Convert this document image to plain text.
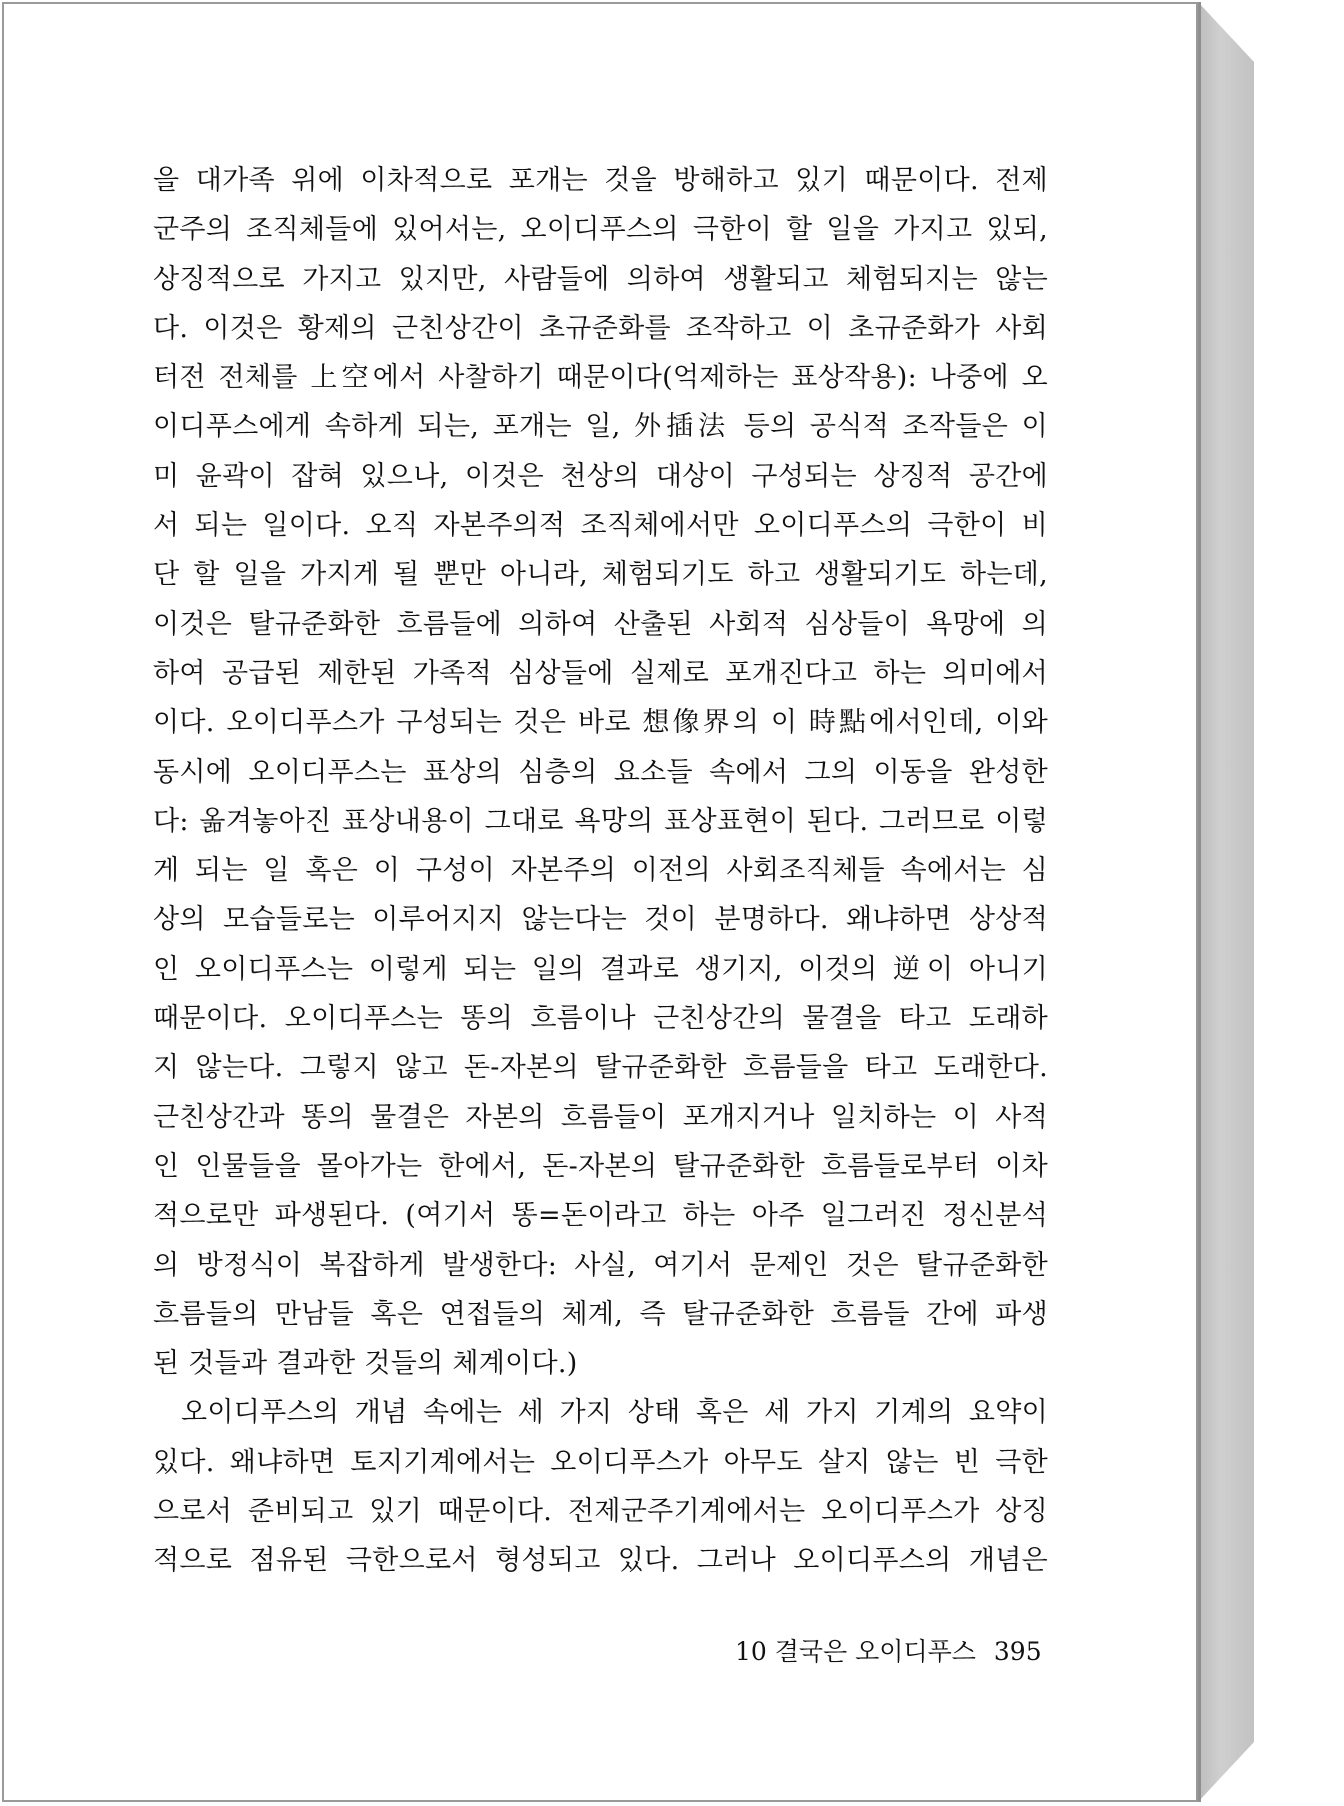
을 대가족 위에 이차적으로 포개는 것을 방해하고 있기 때문이다. 전제

군주의 조직체들에 있어서는, 오이디푸스의 극한이 할 일을 가지고 있되,

상징적으로 가지고 있지만, 사람들에 의하여 생활되고 체험되지는 않는

다. 이것은 황제의 근친상간이 초규준화를 조작하고 이 초규준화가 사회

터전 전체를 上空에서 사찰하기 때문이다(억제하는 표상작용): 나중에 오

이디푸스에게 속하게 되는, 포개는 일, 外插法 등의 공식적 조작들은 이

미 윤곽이 잡혀 있으나, 이것은 천상의 대상이 구성되는 상징적 공간에

서 되는 일이다. 오직 자본주의적 조직체에서만 오이디푸스의 극한이 비

단 할 일을 가지게 될 뿐만 아니라, 체험되기도 하고 생활되기도 하는데,

이것은 탈규준화한 흐름들에 의하여 산출된 사회적 심상들이 욕망에 의

하여 공급된 제한된 가족적 심상들에 실제로 포개진다고 하는 의미에서

이다. 오이디푸스가 구성되는 것은 바로 想像界의 이 時點에서인데, 이와

동시에 오이디푸스는 표상의 심층의 요소들 속에서 그의 이동을 완성한

다: 옮겨놓아진 표상내용이 그대로 욕망의 표상표현이 된다. 그러므로 이렇

게 되는 일 혹은 이 구성이 자본주의 이전의 사회조직체들 속에서는 심

상의 모습들로는 이루어지지 않는다는 것이 분명하다. 왜냐하면 상상적

인 오이디푸스는 이렇게 되는 일의 결과로 생기지, 이것의 逆이 아니기

때문이다. 오이디푸스는 똥의 흐름이나 근친상간의 물결을 타고 도래하

지 않는다. 그렇지 않고 돈-자본의 탈규준화한 흐름들을 타고 도래한다.

근친상간과 똥의 물결은 자본의 흐름들이 포개지거나 일치하는 이 사적

인 인물들을 몰아가는 한에서, 돈-자본의 탈규준화한 흐름들로부터 이차

적으로만 파생된다. (여기서 똥=돈이라고 하는 아주 일그러진 정신분석

의 방정식이 복잡하게 발생한다: 사실, 여기서 문제인 것은 탈규준화한

흐름들의 만남들 혹은 연접들의 체계, 즉 탈규준화한 흐름들 간에 파생

된 것들과 결과한 것들의 체계이다.)

오이디푸스의 개념 속에는 세 가지 상태 혹은 세 가지 기계의 요약이

있다. 왜냐하면 토지기계에서는 오이디푸스가 아무도 살지 않는 빈 극한

으로서 준비되고 있기 때문이다. 전제군주기계에서는 오이디푸스가 상징

적으로 점유된 극한으로서 형성되고 있다. 그러나 오이디푸스의 개념은

10 결국은 오이디푸스 395
